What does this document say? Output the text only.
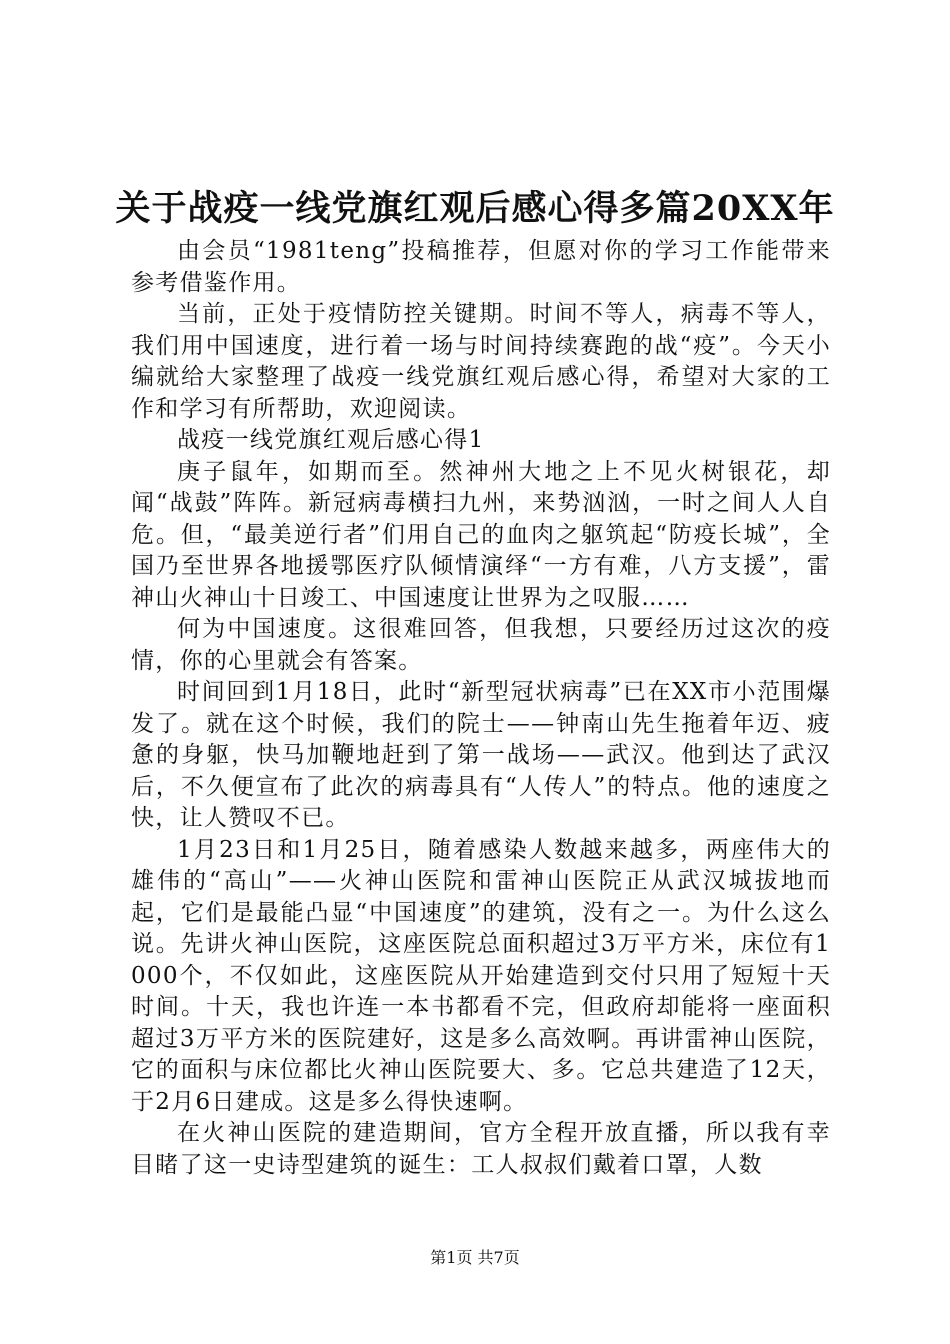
关于战疫一线党旗红观后感心得多篇20XX年

由会员“1981teng”投稿推荐，但愿对你的学习工作能带来参考借鉴作用。

当前，正处于疫情防控关键期。时间不等人，病毒不等人，我们用中国速度，进行着一场与时间持续赛跑的战“疫”。今天小编就给大家整理了战疫一线党旗红观后感心得，希望对大家的工作和学习有所帮助，欢迎阅读。

战疫一线党旗红观后感心得1

庚子鼠年，如期而至。然神州大地之上不见火树银花，却闻“战鼓”阵阵。新冠病毒横扫九州，来势汹汹，一时之间人人自危。但，“最美逆行者”们用自己的血肉之躯筑起“防疫长城”，全国乃至世界各地援鄂医疗队倾情演绎“一方有难，八方支援”，雷神山火神山十日竣工、中国速度让世界为之叹服……

何为中国速度。这很难回答，但我想，只要经历过这次的疫情，你的心里就会有答案。

时间回到1月18日，此时“新型冠状病毒”已在XX市小范围爆发了。就在这个时候，我们的院士——钟南山先生拖着年迈、疲惫的身躯，快马加鞭地赶到了第一战场——武汉。他到达了武汉后，不久便宣布了此次的病毒具有“人传人”的特点。他的速度之快，让人赞叹不已。

1月23日和1月25日，随着感染人数越来越多，两座伟大的雄伟的“高山”——火神山医院和雷神山医院正从武汉城拔地而起，它们是最能凸显“中国速度”的建筑，没有之一。为什么这么说。先讲火神山医院，这座医院总面积超过3万平方米，床位有1000个，不仅如此，这座医院从开始建造到交付只用了短短十天时间。十天，我也许连一本书都看不完，但政府却能将一座面积超过3万平方米的医院建好，这是多么高效啊。再讲雷神山医院，它的面积与床位都比火神山医院要大、多。它总共建造了12天，于2月6日建成。这是多么得快速啊。

在火神山医院的建造期间，官方全程开放直播，所以我有幸目睹了这一史诗型建筑的诞生：工人叔叔们戴着口罩，人数

第1页 共7页
